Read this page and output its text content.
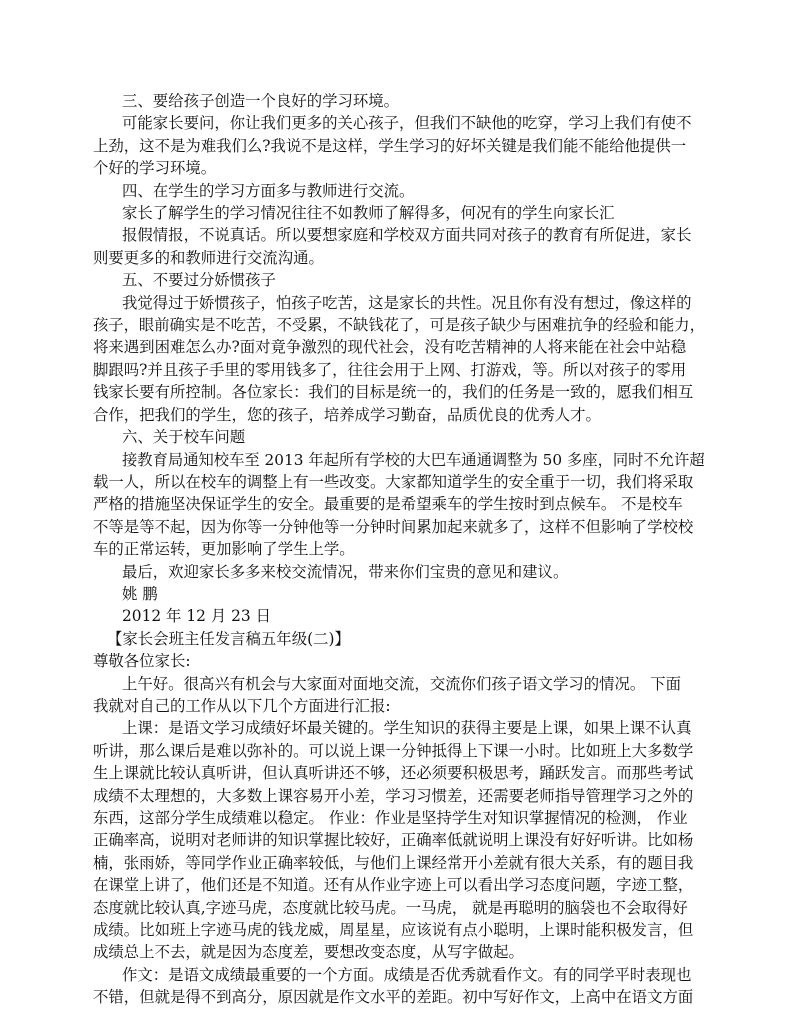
三、要给孩子创造一个良好的学习环境。

可能家长要问，你让我们更多的关心孩子，但我们不缺他的吃穿，学习上我们有使不

上劲，这不是为难我们么?我说不是这样，学生学习的好坏关键是我们能不能给他提供一

个好的学习环境。

四、在学生的学习方面多与教师进行交流。

家长了解学生的学习情况往往不如教师了解得多，何况有的学生向家长汇

报假情报，不说真话。所以要想家庭和学校双方面共同对孩子的教育有所促进，家长

则要更多的和教师进行交流沟通。

五、不要过分娇惯孩子

我觉得过于娇惯孩子，怕孩子吃苦，这是家长的共性。况且你有没有想过，像这样的

孩子，眼前确实是不吃苦，不受累，不缺钱花了，可是孩子缺少与困难抗争的经验和能力，

将来遇到困难怎么办?面对竟争激烈的现代社会，没有吃苦精神的人将来能在社会中站稳

脚跟吗?并且孩子手里的零用钱多了，往往会用于上网、打游戏，等。所以对孩子的零用

钱家长要有所控制。各位家长：我们的目标是统一的，我们的任务是一致的，愿我们相互

合作，把我们的学生，您的孩子，培养成学习勤奋，品质优良的优秀人才。

六、关于校车问题

接教育局通知校车至 2013 年起所有学校的大巴车通通调整为 50 多座，同时不允许超

载一人，所以在校车的调整上有一些改变。大家都知道学生的安全重于一切，我们将采取

严格的措施坚决保证学生的安全。最重要的是希望乘车的学生按时到点候车。 不是校车

不等是等不起，因为你等一分钟他等一分钟时间累加起来就多了，这样不但影响了学校校

车的正常运转，更加影响了学生上学。

最后，欢迎家长多多来校交流情况，带来你们宝贵的意见和建议。

姚 鹏

2012 年 12 月 23 日

【家长会班主任发言稿五年级(二)】

尊敬各位家长:

上午好。很高兴有机会与大家面对面地交流，交流你们孩子语文学习的情况。 下面

我就对自己的工作从以下几个方面进行汇报:

上课：是语文学习成绩好坏最关键的。学生知识的获得主要是上课，如果上课不认真

听讲，那么课后是难以弥补的。可以说上课一分钟抵得上下课一小时。比如班上大多数学

生上课就比较认真听讲，但认真听讲还不够，还必须要积极思考，踊跃发言。而那些考试

成绩不太理想的，大多数上课容易开小差，学习习惯差，还需要老师指导管理学习之外的

东西，这部分学生成绩难以稳定。 作业：作业是坚持学生对知识掌握情况的检测， 作业

正确率高，说明对老师讲的知识掌握比较好，正确率低就说明上课没有好好听讲。比如杨

楠，张雨娇，等同学作业正确率较低，与他们上课经常开小差就有很大关系，有的题目我

在课堂上讲了，他们还是不知道。还有从作业字迹上可以看出学习态度问题，字迹工整，

态度就比较认真,字迹马虎，态度就比较马虎。一马虎， 就是再聪明的脑袋也不会取得好

成绩。比如班上字迹马虎的钱龙威，周星星，应该说有点小聪明，上课时能积极发言，但

成绩总上不去，就是因为态度差，要想改变态度，从写字做起。

作文：是语文成绩最重要的一个方面。成绩是否优秀就看作文。有的同学平时表现也

不错，但就是得不到高分，原因就是作文水平的差距。初中写好作文，上高中在语文方面
